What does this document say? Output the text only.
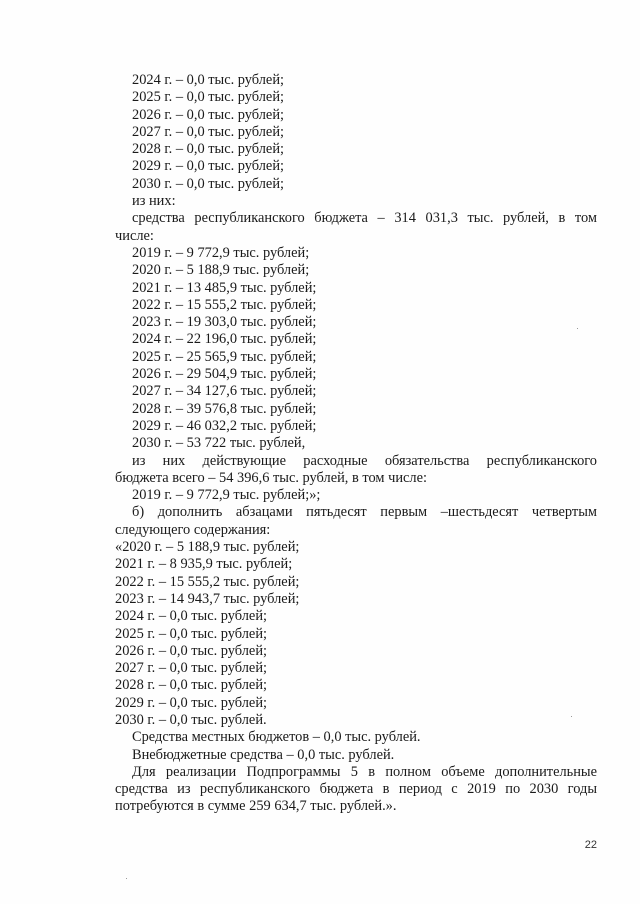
2024 г. – 0,0 тыс. рублей;

2025 г. – 0,0 тыс. рублей;

2026 г. – 0,0 тыс. рублей;

2027 г. – 0,0 тыс. рублей;

2028 г. – 0,0 тыс. рублей;

2029 г. – 0,0 тыс. рублей;

2030 г. – 0,0 тыс. рублей;

из них:

средства республиканского бюджета – 314 031,3 тыс. рублей, в том

числе:

2019 г. – 9 772,9 тыс. рублей;

2020 г. – 5 188,9 тыс. рублей;

2021 г. – 13 485,9 тыс. рублей;

2022 г. – 15 555,2 тыс. рублей;

2023 г. – 19 303,0 тыс. рублей;

2024 г. – 22 196,0 тыс. рублей;

2025 г. – 25 565,9 тыс. рублей;

2026 г. – 29 504,9 тыс. рублей;

2027 г. – 34 127,6 тыс. рублей;

2028 г. – 39 576,8 тыс. рублей;

2029 г. – 46 032,2 тыс. рублей;

2030 г. – 53 722 тыс. рублей,

из них действующие расходные обязательства республиканского

бюджета всего – 54 396,6 тыс. рублей, в том числе:

2019 г. – 9 772,9 тыс. рублей;»;

б) дополнить абзацами пятьдесят первым –шестьдесят четвертым

следующего содержания:

«2020 г. – 5 188,9 тыс. рублей;

2021 г. – 8 935,9 тыс. рублей;

2022 г. – 15 555,2 тыс. рублей;

2023 г. – 14 943,7 тыс. рублей;

2024 г. – 0,0 тыс. рублей;

2025 г. – 0,0 тыс. рублей;

2026 г. – 0,0 тыс. рублей;

2027 г. – 0,0 тыс. рублей;

2028 г. – 0,0 тыс. рублей;

2029 г. – 0,0 тыс. рублей;

2030 г. – 0,0 тыс. рублей.

Средства местных бюджетов – 0,0 тыс. рублей.

Внебюджетные средства – 0,0 тыс. рублей.

Для реализации Подпрограммы 5 в полном объеме дополнительные

средства из республиканского бюджета в период с 2019 по 2030 годы

потребуются в сумме 259 634,7 тыс. рублей.».

22
